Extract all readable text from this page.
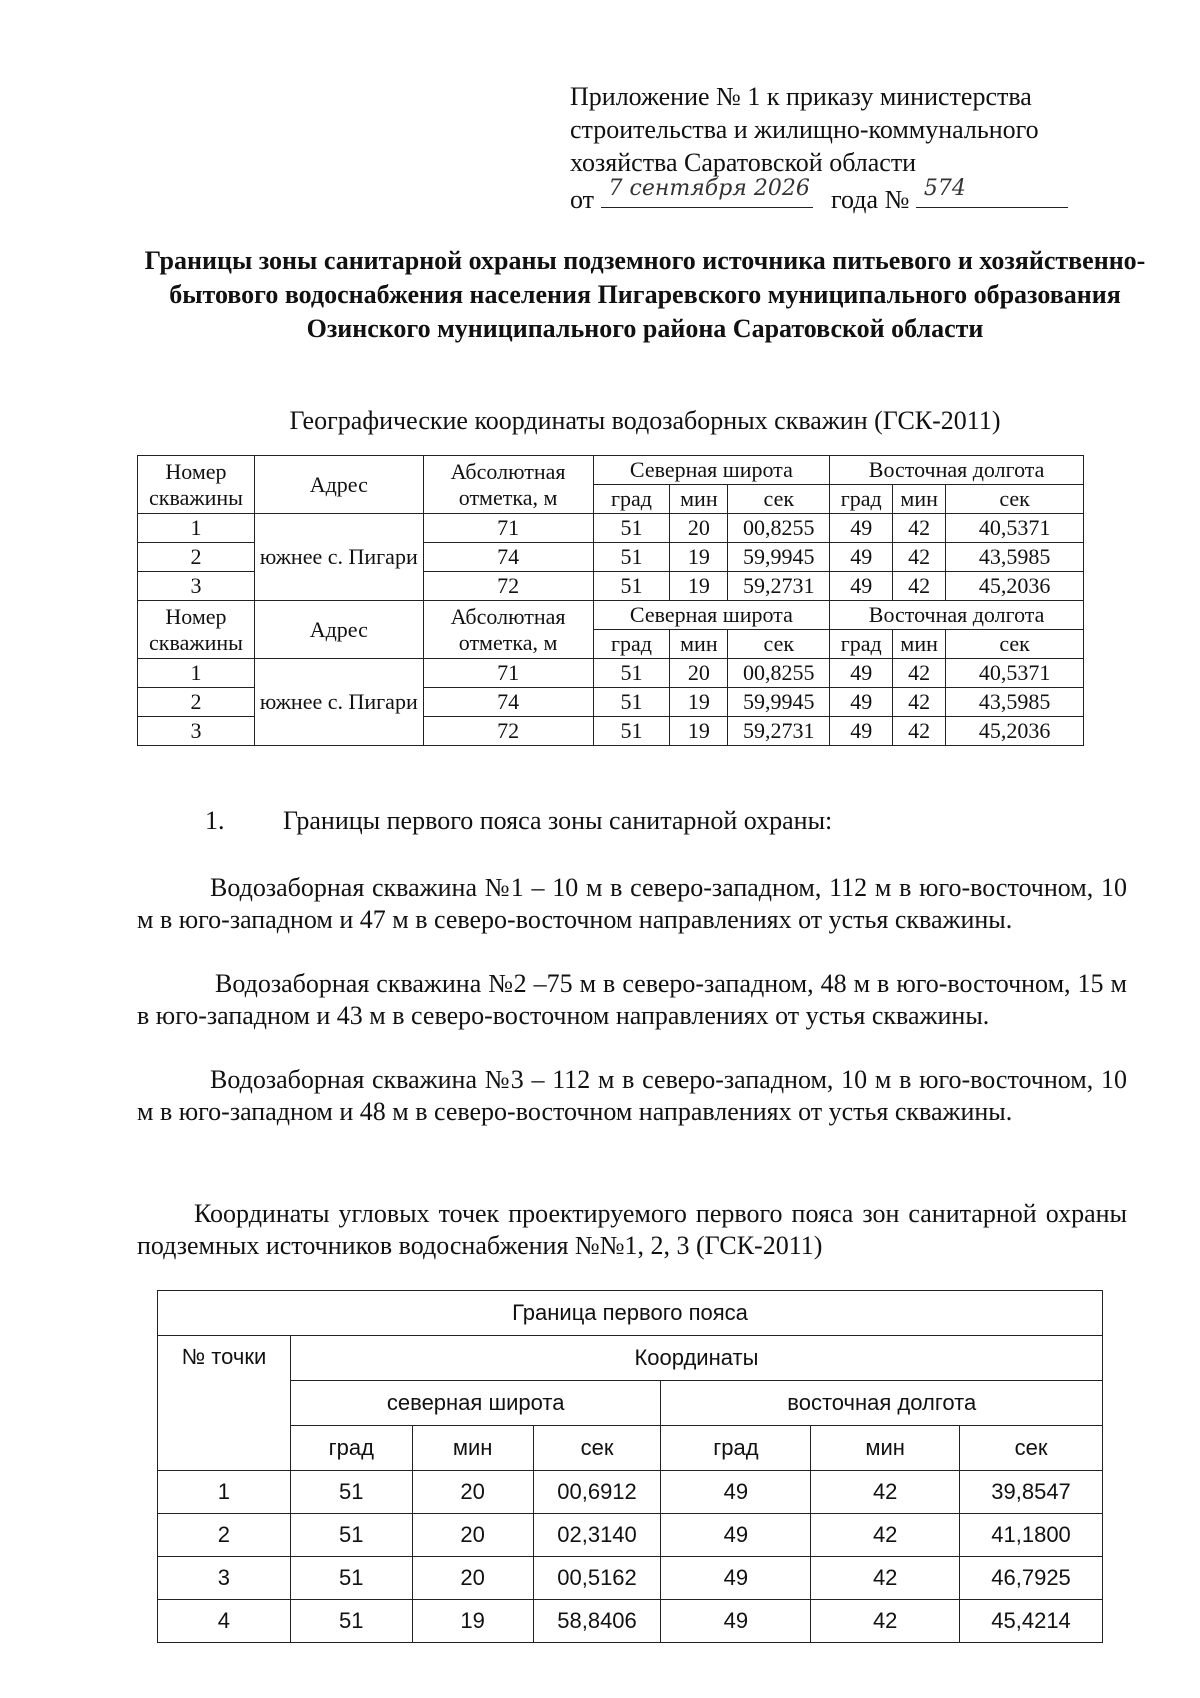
Приложение № 1 к приказу министерства
строительства и жилищно-коммунального
хозяйства Саратовской области
от 7 сентября 2026 года № 574
Границы зоны санитарной охраны подземного источника питьевого и хозяйственно-бытового водоснабжения населения Пигаревского муниципального образования Озинского муниципального района Саратовской области
Географические координаты водозаборных скважин (ГСК-2011)
Номер скважины	Адрес	Абсолютная отметка, м	Северная широта			Восточная долгота		
			град	мин	сек	град	мин	сек
1	южнее с. Пигари	71	51	20	00,8255	49	42	40,5371
2		74	51	19	59,9945	49	42	43,5985
3		72	51	19	59,2731	49	42	45,2036
Номер скважины	Адрес	Абсолютная отметка, м	Северная широта			Восточная долгота		
			град	мин	сек	град	мин	сек
1	южнее с. Пигари	71	51	20	00,8255	49	42	40,5371
2		74	51	19	59,9945	49	42	43,5985
3		72	51	19	59,2731	49	42	45,2036
1. Границы первого пояса зоны санитарной охраны:
Водозаборная скважина №1 – 10 м в северо-западном, 112 м в юго-восточном, 10 м в юго-западном и 47 м в северо-восточном направлениях от устья скважины.
Водозаборная скважина №2 –75 м в северо-западном, 48 м в юго-восточном, 15 м в юго-западном и 43 м в северо-восточном направлениях от устья скважины.
Водозаборная скважина №3 – 112 м в северо-западном, 10 м в юго-восточном, 10 м в юго-западном и 48 м в северо-восточном направлениях от устья скважины.
Координаты угловых точек проектируемого первого пояса зон санитарной охраны подземных источников водоснабжения №№1, 2, 3 (ГСК-2011)
Граница первого пояса						
№ точки	Координаты					
	северная широта			восточная долгота		
	град	мин	сек	град	мин	сек
1	51	20	00,6912	49	42	39,8547
2	51	20	02,3140	49	42	41,1800
3	51	20	00,5162	49	42	46,7925
4	51	19	58,8406	49	42	45,4214
